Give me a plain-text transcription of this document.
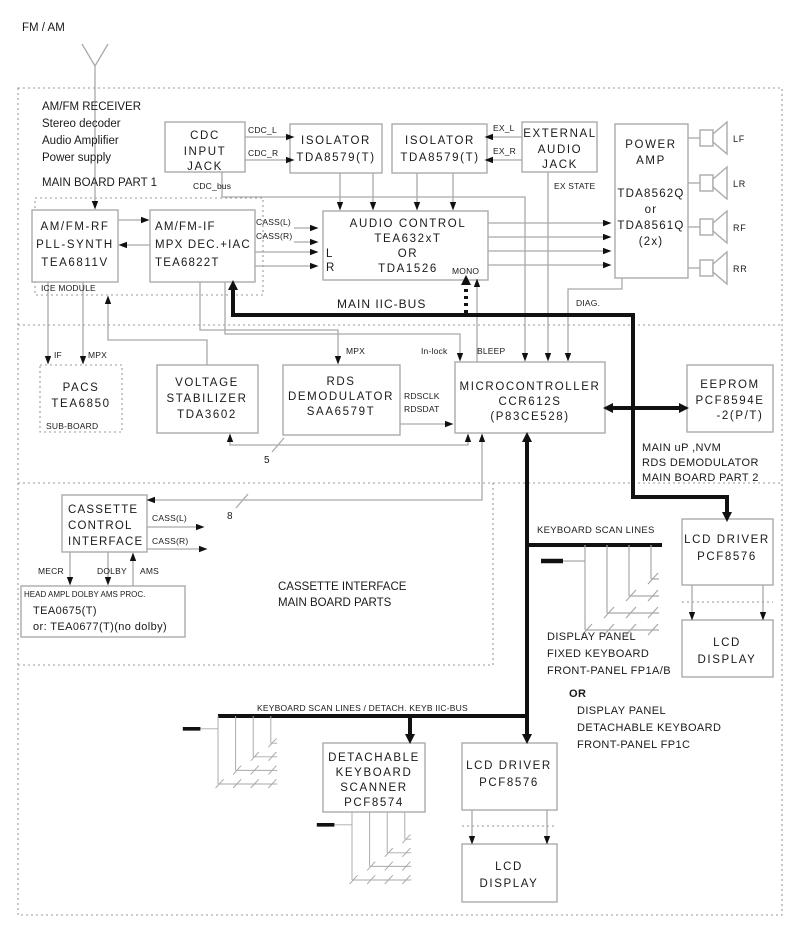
LF
LR
RF
RR
FM / AM
AM/FM RECEIVER
Stereo decoder
Audio Amplifier
Power supply
MAIN BOARD PART 1
ICE MODULE
SUB-BOARD
MAIN IIC-BUS
MAIN uP ,NVM
RDS DEMODULATOR
MAIN BOARD PART 2
CASSETTE INTERFACE
MAIN BOARD PARTS
KEYBOARD SCAN LINES
KEYBOARD SCAN LINES / DETACH. KEYB IIC-BUS
DISPLAY PANEL
FIXED KEYBOARD
FRONT-PANEL FP1A/B
OR
DISPLAY PANEL
DETACHABLE KEYBOARD
FRONT-PANEL FP1C
CDC_L
CDC_R
CDC_bus
EX_L
EX_R
EX STATE
CASS(L)
CASS(R)
L
R	MONO
DIAG.
MPX	In-lock	BLEEP
IF	MPX
RDSCLK
RDSDAT
5
8
CASS(L)
CASS(R)
MECR	DOLBY AMS
CDC
INPUT
JACK
ISOLATOR
TDA8579(T)
ISOLATOR
TDA8579(T)
EXTERNAL
AUDIO
JACK
POWER
AMP
TDA8562Q
or
TDA8561Q
(2x)
AM/FM-RF
PLL-SYNTH
TEA6811V
AM/FM-IF
MPX DEC.+IAC
TEA6822T
AUDIO CONTROL
TEA632xT
OR
TDA1526
PACS
TEA6850
VOLTAGE
STABILIZER
TDA3602
RDS
DEMODULATOR
SAA6579T
MICROCONTROLLER
CCR612S
(P83CE528)
EEPROM
PCF8594E
-2(P/T)
CASSETTE
CONTROL
INTERFACE
HEAD AMPL DOLBY AMS PROC.
TEA0675(T)
or: TEA0677(T)(no dolby)
LCD DRIVER
PCF8576
LCD
DISPLAY
DETACHABLE
KEYBOARD
SCANNER
PCF8574
LCD DRIVER
PCF8576
LCD
DISPLAY
